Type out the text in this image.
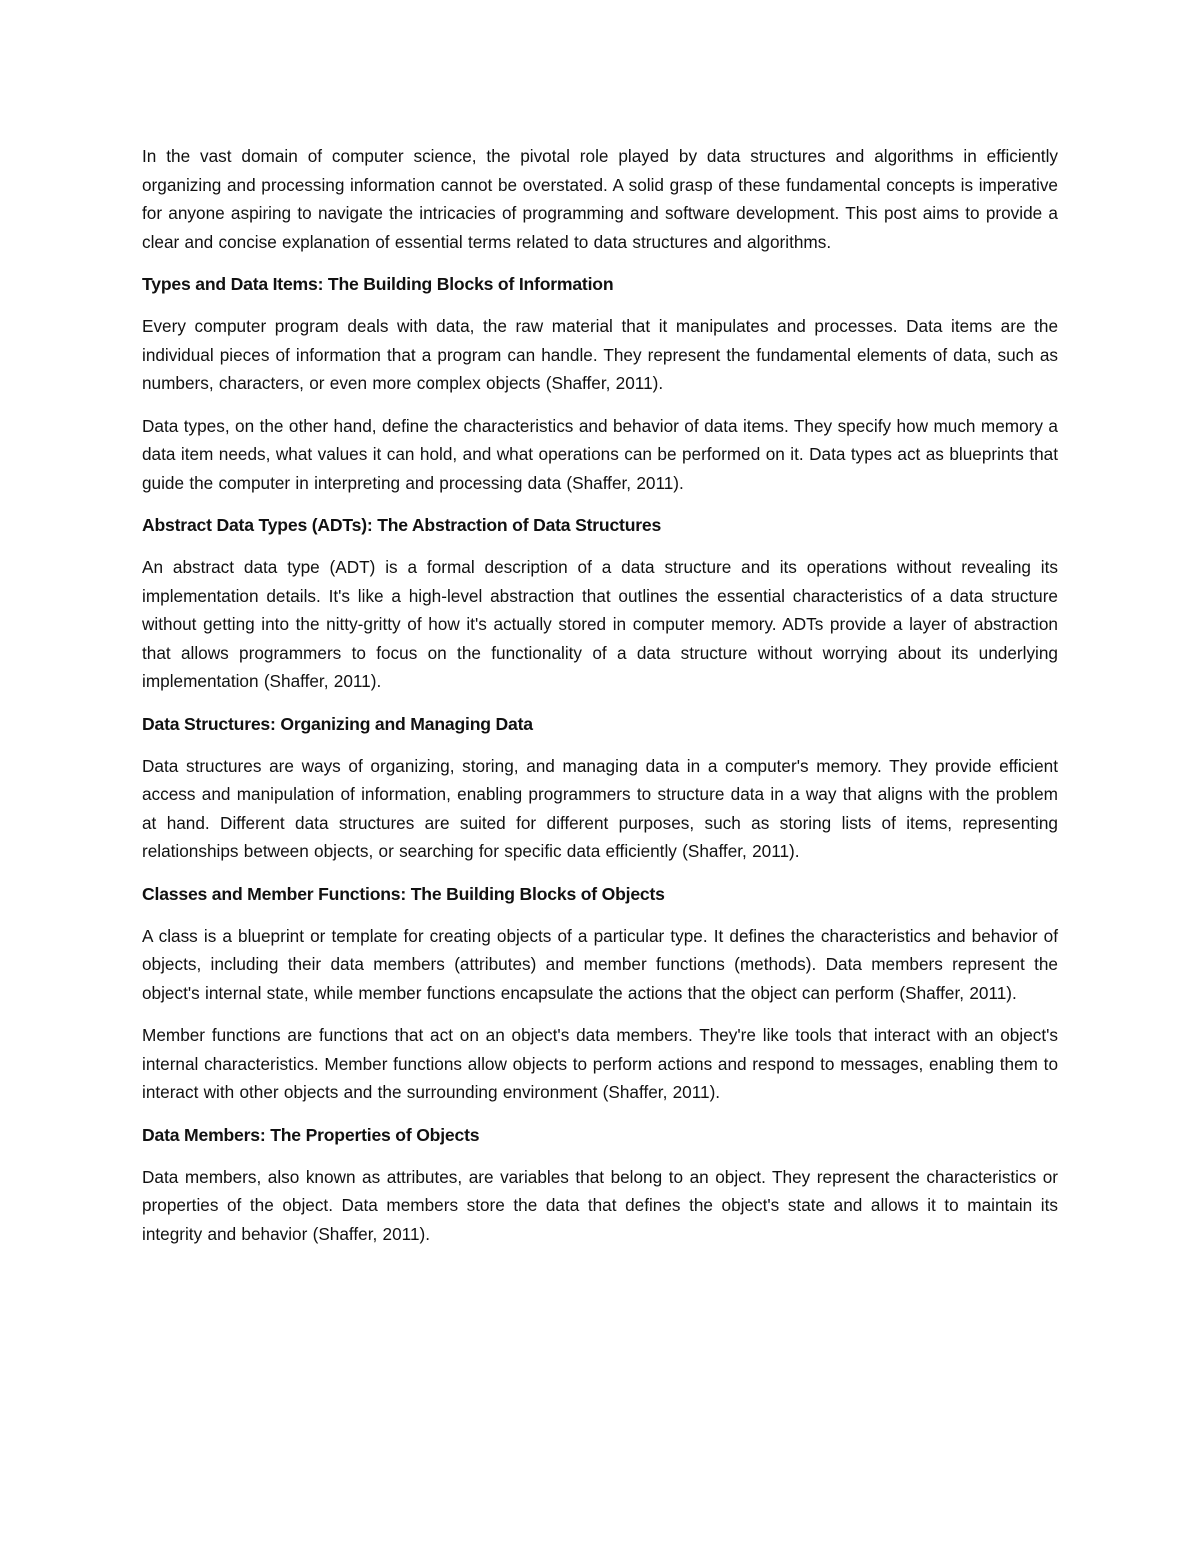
In the vast domain of computer science, the pivotal role played by data structures and algorithms in efficiently organizing and processing information cannot be overstated. A solid grasp of these fundamental concepts is imperative for anyone aspiring to navigate the intricacies of programming and software development. This post aims to provide a clear and concise explanation of essential terms related to data structures and algorithms.

Types and Data Items: The Building Blocks of Information

Every computer program deals with data, the raw material that it manipulates and processes. Data items are the individual pieces of information that a program can handle. They represent the fundamental elements of data, such as numbers, characters, or even more complex objects (Shaffer, 2011).

Data types, on the other hand, define the characteristics and behavior of data items. They specify how much memory a data item needs, what values it can hold, and what operations can be performed on it. Data types act as blueprints that guide the computer in interpreting and processing data (Shaffer, 2011).

Abstract Data Types (ADTs): The Abstraction of Data Structures

An abstract data type (ADT) is a formal description of a data structure and its operations without revealing its implementation details. It's like a high-level abstraction that outlines the essential characteristics of a data structure without getting into the nitty-gritty of how it's actually stored in computer memory. ADTs provide a layer of abstraction that allows programmers to focus on the functionality of a data structure without worrying about its underlying implementation (Shaffer, 2011).

Data Structures: Organizing and Managing Data

Data structures are ways of organizing, storing, and managing data in a computer's memory. They provide efficient access and manipulation of information, enabling programmers to structure data in a way that aligns with the problem at hand. Different data structures are suited for different purposes, such as storing lists of items, representing relationships between objects, or searching for specific data efficiently (Shaffer, 2011).

Classes and Member Functions: The Building Blocks of Objects

A class is a blueprint or template for creating objects of a particular type. It defines the characteristics and behavior of objects, including their data members (attributes) and member functions (methods). Data members represent the object's internal state, while member functions encapsulate the actions that the object can perform (Shaffer, 2011).

Member functions are functions that act on an object's data members. They're like tools that interact with an object's internal characteristics. Member functions allow objects to perform actions and respond to messages, enabling them to interact with other objects and the surrounding environment (Shaffer, 2011).

Data Members: The Properties of Objects

Data members, also known as attributes, are variables that belong to an object. They represent the characteristics or properties of the object. Data members store the data that defines the object's state and allows it to maintain its integrity and behavior (Shaffer, 2011).
